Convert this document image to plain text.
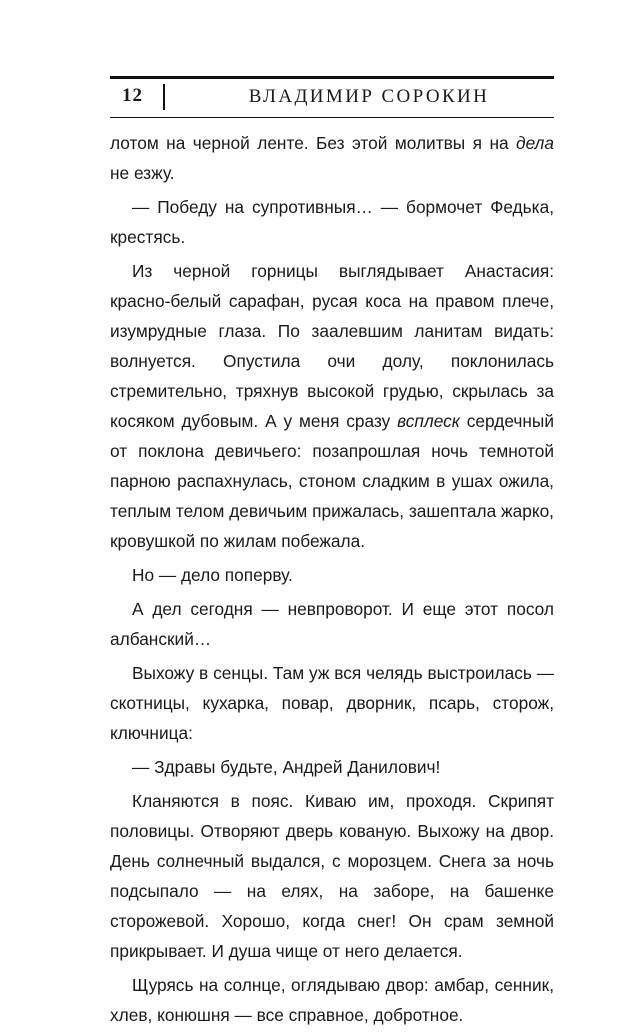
12	ВЛАДИМИР СОРОКИН

лотом на черной ленте. Без этой молитвы я на дела не езжу.

— Победу на супротивныя… — бормочет Федька, крестясь.

Из черной горницы выглядывает Анастасия: красно-белый сарафан, русая коса на правом плече, изумрудные глаза. По заалевшим ланитам видать: волнуется. Опустила очи долу, поклонилась стремительно, тряхнув высокой грудью, скрылась за косяком дубовым. А у меня сразу всплеск сердечный от поклона девичьего: позапрошлая ночь темнотой парною распахнулась, стоном сладким в ушах ожила, теплым телом девичьим прижалась, зашептала жарко, кровушкой по жилам побежала.

Но — дело поперву.

А дел сегодня — невпроворот. И еще этот посол албанский…

Выхожу в сенцы. Там уж вся челядь выстроилась — скотницы, кухарка, повар, дворник, псарь, сторож, ключница:

— Здравы будьте, Андрей Данилович!

Кланяются в пояс. Киваю им, проходя. Скрипят половицы. Отворяют дверь кованую. Выхожу на двор. День солнечный выдался, с морозцем. Снега за ночь подсыпало — на елях, на заборе, на башенке сторожевой. Хорошо, когда снег! Он срам земной прикрывает. И душа чище от него делается.

Щурясь на солнце, оглядываю двор: амбар, сенник, хлев, конюшня — все справное, добротное.
